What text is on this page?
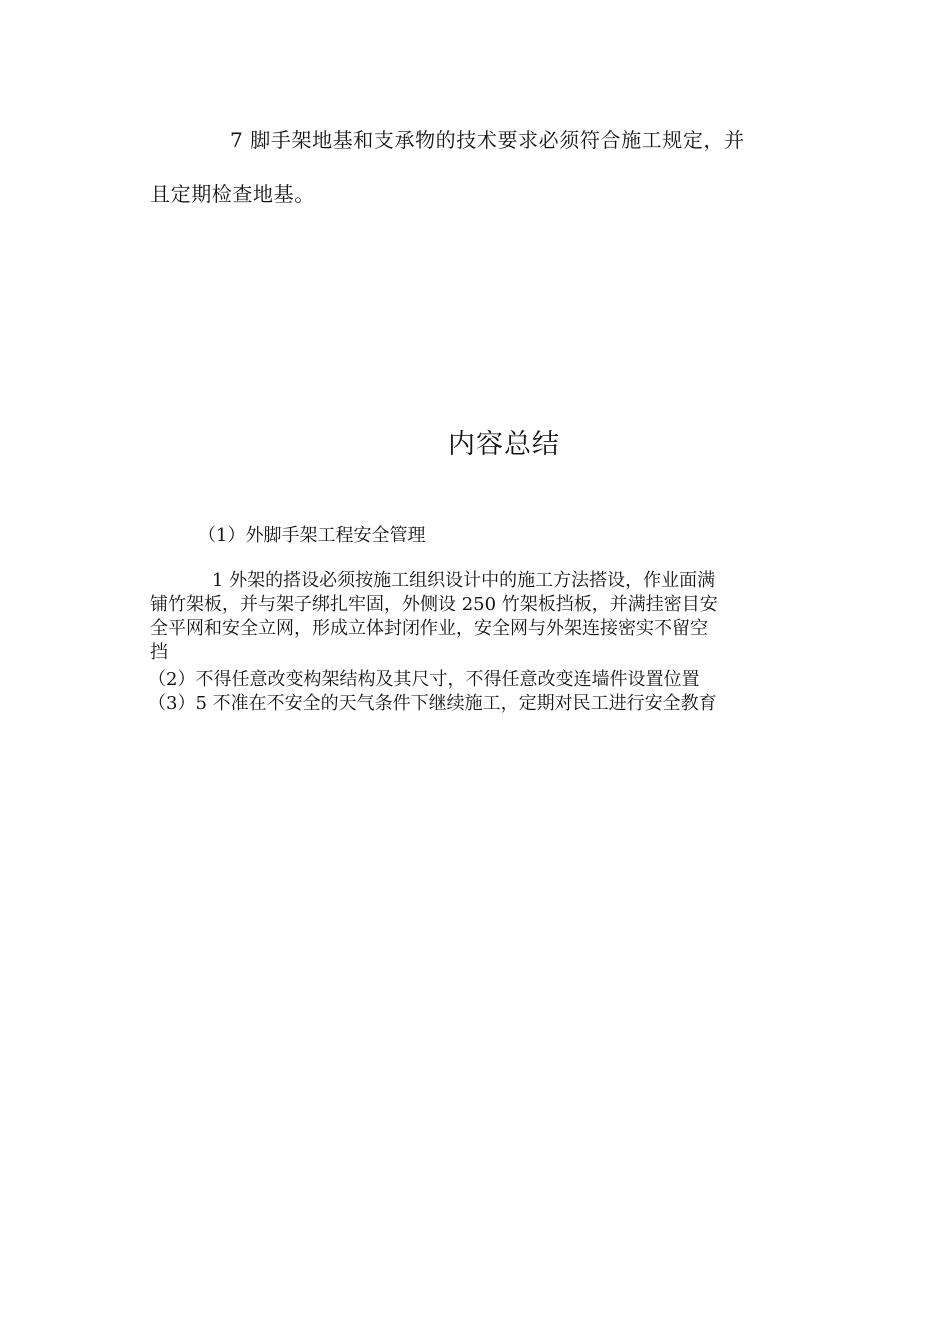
7 脚手架地基和支承物的技术要求必须符合施工规定，并

且定期检查地基。

内容总结

（1）外脚手架工程安全管理

1 外架的搭设必须按施工组织设计中的施工方法搭设，作业面满
铺竹架板，并与架子绑扎牢固，外侧设 250 竹架板挡板，并满挂密目安
全平网和安全立网，形成立体封闭作业，安全网与外架连接密实不留空
挡

（2）不得任意改变构架结构及其尺寸，不得任意改变连墙件设置位置

（3）5 不准在不安全的天气条件下继续施工，定期对民工进行安全教育
